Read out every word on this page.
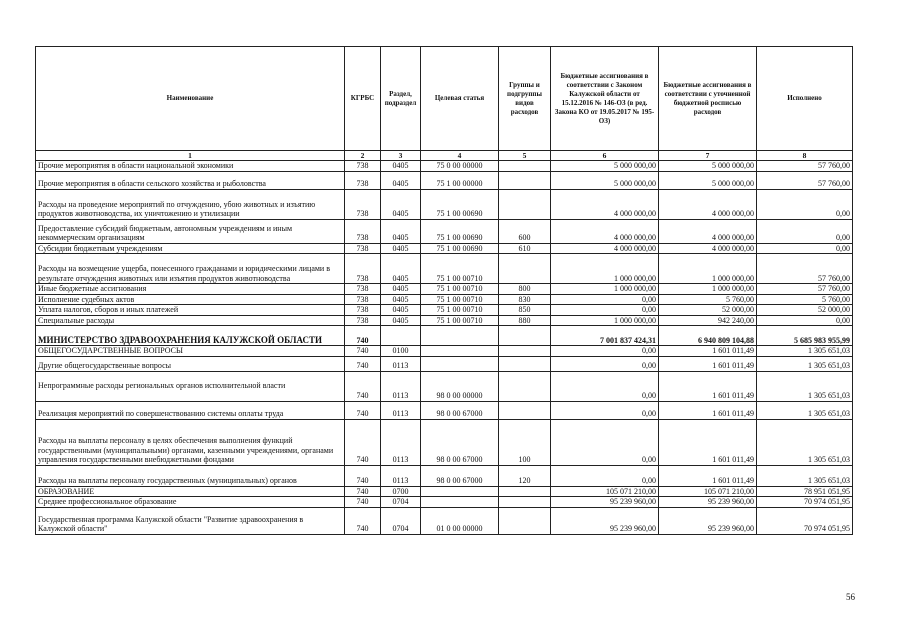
Наименование	КГРБС	Раздел, подраздел	Целевая статья	Группы и подгруппы видов расходов	Бюджетные ассигнования в соответствии с Законом Калужской области от 15.12.2016 № 146-ОЗ (в ред. Закона КО от 19.05.2017 № 195-ОЗ)	Бюджетные ассигнования в соответствии с уточненной бюджетной росписью расходов	Исполнено
1	2	3	4	5	6	7	8
Прочие мероприятия в области национальной экономики	738	0405	75 0 00 00000		5 000 000,00	5 000 000,00	57 760,00
Прочие мероприятия в области сельского хозяйства и рыболовства	738	0405	75 1 00 00000		5 000 000,00	5 000 000,00	57 760,00
Расходы на проведение мероприятий по отчуждению, убою животных и изъятию продуктов животноводства, их уничтожению и утилизации	738	0405	75 1 00 00690		4 000 000,00	4 000 000,00	0,00
Предоставление субсидий бюджетным, автономным учреждениям и иным некоммерческим организациям	738	0405	75 1 00 00690	600	4 000 000,00	4 000 000,00	0,00
Субсидии бюджетным учреждениям	738	0405	75 1 00 00690	610	4 000 000,00	4 000 000,00	0,00
Расходы на возмещение ущерба, понесенного гражданами и юридическими лицами в результате отчуждения животных или изъятия продуктов животноводства	738	0405	75 1 00 00710		1 000 000,00	1 000 000,00	57 760,00
Иные бюджетные ассигнования	738	0405	75 1 00 00710	800	1 000 000,00	1 000 000,00	57 760,00
Исполнение судебных актов	738	0405	75 1 00 00710	830	0,00	5 760,00	5 760,00
Уплата налогов, сборов и иных платежей	738	0405	75 1 00 00710	850	0,00	52 000,00	52 000,00
Специальные расходы	738	0405	75 1 00 00710	880	1 000 000,00	942 240,00	0,00
МИНИСТЕРСТВО ЗДРАВООХРАНЕНИЯ КАЛУЖСКОЙ ОБЛАСТИ	740				7 001 837 424,31	6 940 809 104,88	5 685 983 955,99
ОБЩЕГОСУДАРСТВЕННЫЕ ВОПРОСЫ	740	0100			0,00	1 601 011,49	1 305 651,03
Другие общегосударственные вопросы	740	0113			0,00	1 601 011,49	1 305 651,03
Непрограммные расходы региональных органов исполнительной власти	740	0113	98 0 00 00000		0,00	1 601 011,49	1 305 651,03
Реализация мероприятий по совершенствованию системы оплаты труда	740	0113	98 0 00 67000		0,00	1 601 011,49	1 305 651,03
Расходы на выплаты персоналу в целях обеспечения выполнения функций государственными (муниципальными) органами, казенными учреждениями, органами управления государственными внебюджетными фондами	740	0113	98 0 00 67000	100	0,00	1 601 011,49	1 305 651,03
Расходы на выплаты персоналу государственных (муниципальных) органов	740	0113	98 0 00 67000	120	0,00	1 601 011,49	1 305 651,03
ОБРАЗОВАНИЕ	740	0700			105 071 210,00	105 071 210,00	78 951 051,95
Среднее профессиональное образование	740	0704			95 239 960,00	95 239 960,00	70 974 051,95
Государственная программа Калужской области "Развитие здравоохранения в Калужской области"	740	0704	01 0 00 00000		95 239 960,00	95 239 960,00	70 974 051,95
56
